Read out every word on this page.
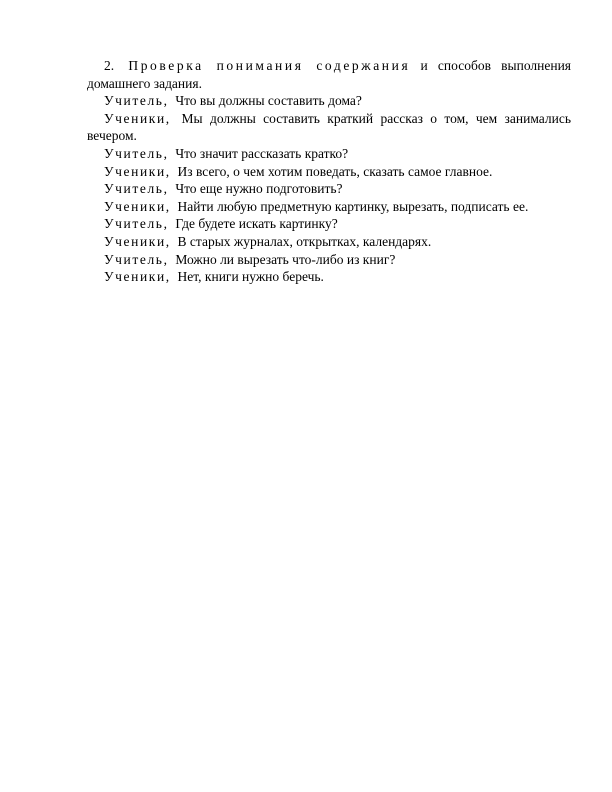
2. Проверка понимания содержания и способов выполнения домашнего задания.

Учитель, Что вы должны составить дома?

Ученики, Мы должны составить краткий рассказ о том, чем занимались вечером.

Учитель, Что значит рассказать кратко?

Ученики, Из всего, о чем хотим поведать, сказать самое главное.

Учитель, Что еще нужно подготовить?

Ученики, Найти любую предметную картинку, вырезать, подписать ее.

Учитель, Где будете искать картинку?

Ученики, В старых журналах, открытках, календарях.

Учитель, Можно ли вырезать что-либо из книг?

Ученики, Нет, книги нужно беречь.
